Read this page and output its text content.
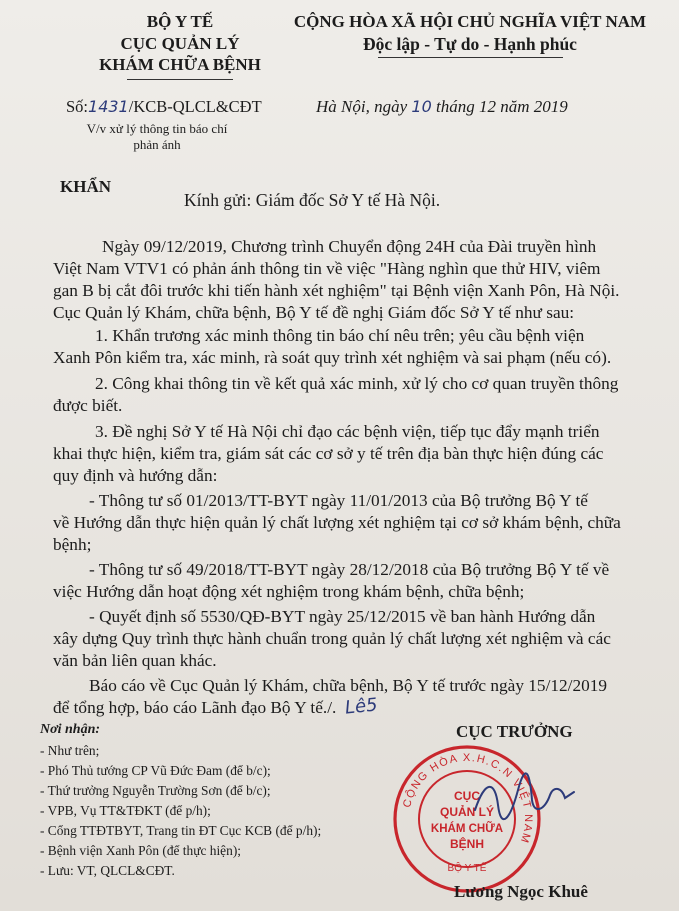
BỘ Y TẾ
CỤC QUẢN LÝ
KHÁM CHỮA BỆNH
CỘNG HÒA XÃ HỘI CHỦ NGHĨA VIỆT NAM
Độc lập - Tự do - Hạnh phúc
Số:1431/KCB-QLCL&CĐT
V/v xử lý thông tin báo chí
phản ánh
Hà Nội, ngày 10 tháng 12 năm 2019
KHẨN
Kính gửi: Giám đốc Sở Y tế Hà Nội.
Ngày 09/12/2019, Chương trình Chuyển động 24H của Đài truyền hình
Việt Nam VTV1 có phản ánh thông tin về việc "Hàng nghìn que thử HIV, viêm
gan B bị cắt đôi trước khi tiến hành xét nghiệm" tại Bệnh viện Xanh Pôn, Hà Nội.
Cục Quản lý Khám, chữa bệnh, Bộ Y tế đề nghị Giám đốc Sở Y tế như sau:
1. Khẩn trương xác minh thông tin báo chí nêu trên; yêu cầu bệnh viện
Xanh Pôn kiểm tra, xác minh, rà soát quy trình xét nghiệm và sai phạm (nếu có).
2. Công khai thông tin về kết quả xác minh, xử lý cho cơ quan truyền thông
được biết.
3. Đề nghị Sở Y tế Hà Nội chỉ đạo các bệnh viện, tiếp tục đẩy mạnh triển
khai thực hiện, kiểm tra, giám sát các cơ sở y tế trên địa bàn thực hiện đúng các
quy định và hướng dẫn:
- Thông tư số 01/2013/TT-BYT ngày 11/01/2013 của Bộ trưởng Bộ Y tế
về Hướng dẫn thực hiện quản lý chất lượng xét nghiệm tại cơ sở khám bệnh, chữa
bệnh;
- Thông tư số 49/2018/TT-BYT ngày 28/12/2018 của Bộ trưởng Bộ Y tế về
việc Hướng dẫn hoạt động xét nghiệm trong khám bệnh, chữa bệnh;
- Quyết định số 5530/QĐ-BYT ngày 25/12/2015 về ban hành Hướng dẫn
xây dựng Quy trình thực hành chuẩn trong quản lý chất lượng xét nghiệm và các
văn bản liên quan khác.
Báo cáo về Cục Quản lý Khám, chữa bệnh, Bộ Y tế trước ngày 15/12/2019
để tổng hợp, báo cáo Lãnh đạo Bộ Y tế./. Lê5
Nơi nhận:
- Như trên;
- Phó Thủ tướng CP Vũ Đức Đam (để b/c);
- Thứ trưởng Nguyễn Trường Sơn (để b/c);
- VPB, Vụ TT&TĐKT (để p/h);
- Cổng TTĐTBYT, Trang tin ĐT Cục KCB (để p/h);
- Bệnh viện Xanh Pôn (để thực hiện);
- Lưu: VT, QLCL&CĐT.
CỤC TRƯỞNG
CỘNG HÒA X.H.C.N VIỆT NAM
BỘ Y TẾ
CỤC
QUẢN LÝ
KHÁM CHỮA
BỆNH
Lương Ngọc Khuê
